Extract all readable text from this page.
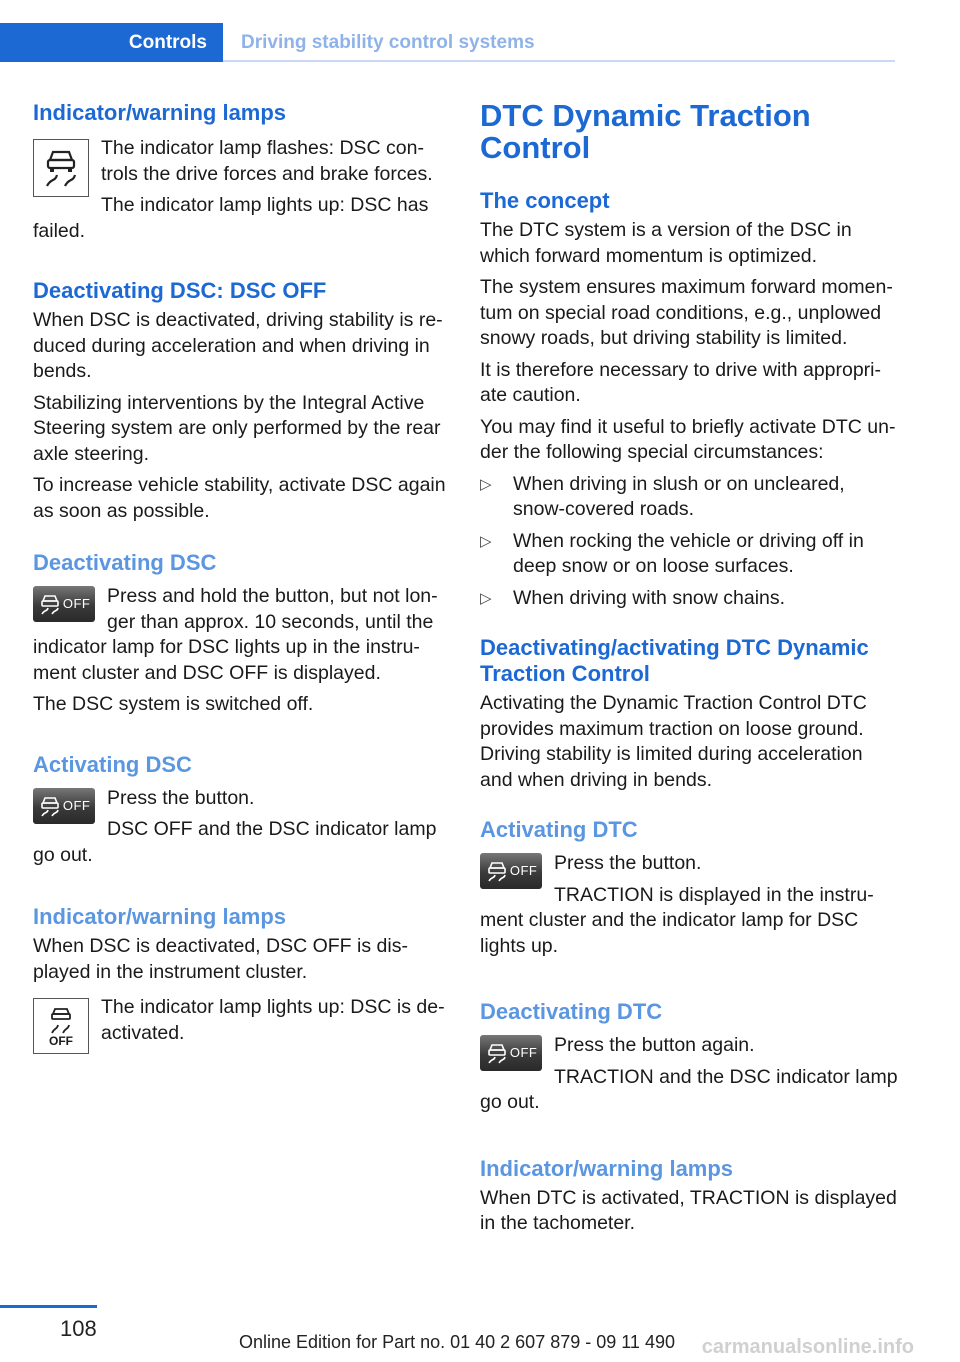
Controls Driving stability control systems
Indicator/warning lamps

The indicator lamp flashes: DSC con-trols the drive forces and brake forces.

The indicator lamp lights up: DSC has

failed.

Deactivating DSC: DSC OFF

When DSC is deactivated, driving stability is re-duced during acceleration and when driving in bends.

Stabilizing interventions by the Integral Active Steering system are only performed by the rear axle steering.

To increase vehicle stability, activate DSC again as soon as possible.

Deactivating DSC
OFF Press and hold the button, but not lon-ger than approx. 10 seconds, until the indicator lamp for DSC lights up in the instru-ment cluster and DSC OFF is displayed.

The DSC system is switched off.

Activating DSC
OFF Press the button.

DSC OFF and the DSC indicator lamp go out.

Indicator/warning lamps

When DSC is deactivated, DSC OFF is dis-played in the instrument cluster.

OFF

The indicator lamp lights up: DSC is de-activated.

DTC Dynamic Traction Control
The concept

The DTC system is a version of the DSC in which forward momentum is optimized.

The system ensures maximum forward momen-tum on special road conditions, e.g., unplowed snowy roads, but driving stability is limited.

It is therefore necessary to drive with appropri-ate caution.

You may find it useful to briefly activate DTC un-der the following special circumstances:

▷ When driving in slush or on uncleared, snow-covered roads.
▷ When rocking the vehicle or driving off in deep snow or on loose surfaces.
▷ When driving with snow chains.
Deactivating/activating DTC Dynamic Traction Control

Activating the Dynamic Traction Control DTC provides maximum traction on loose ground. Driving stability is limited during acceleration and when driving in bends.

Activating DTC
OFF Press the button.

TRACTION is displayed in the instru-ment cluster and the indicator lamp for DSC lights up.

Deactivating DTC
OFF Press the button again.

TRACTION and the DSC indicator lamp go out.

Indicator/warning lamps

When DTC is activated, TRACTION is displayed in the tachometer.

108
Online Edition for Part no. 01 40 2 607 879 - 09 11 490 carmanualsonline.info
